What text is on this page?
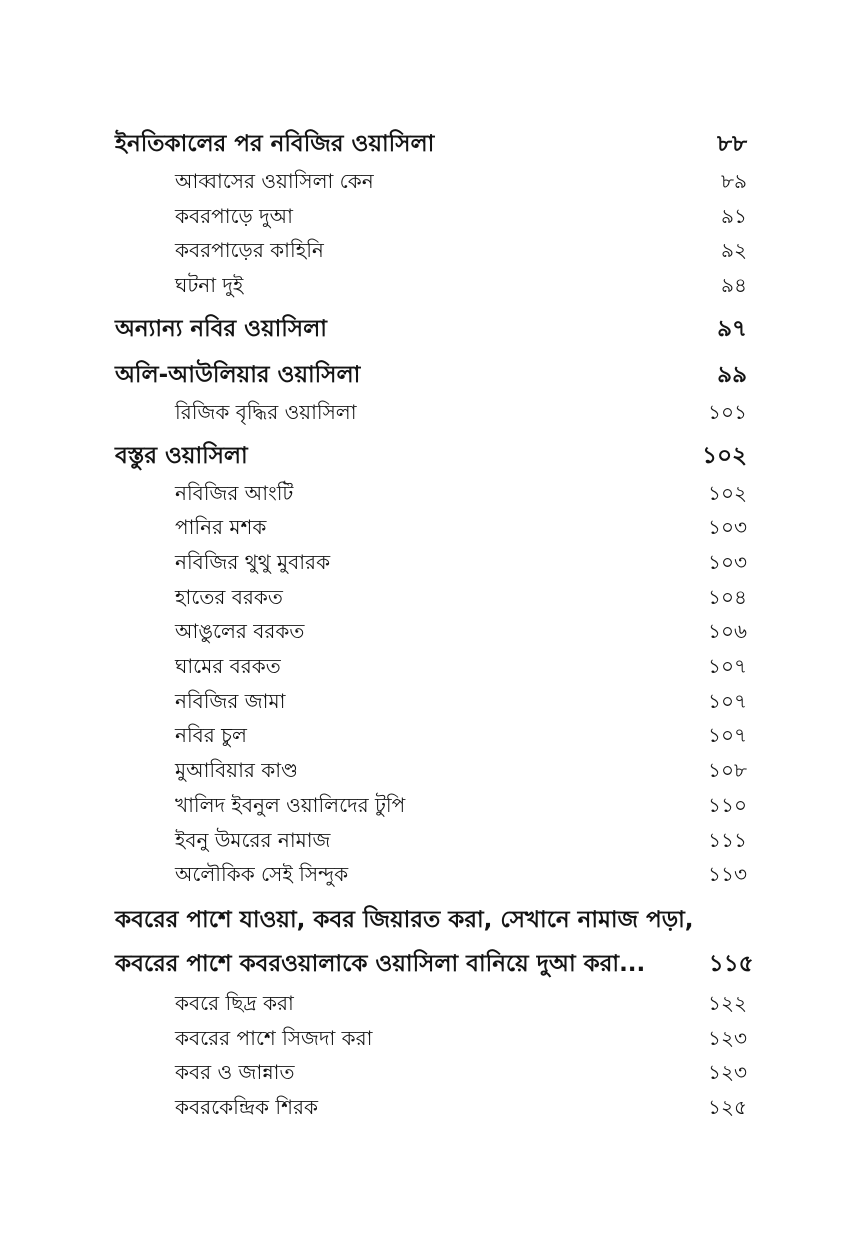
ইনতিকালের পর নবিজির ওয়াসিলা	৮৮
আব্বাসের ওয়াসিলা কেন	৮৯
কবরপাড়ে দুআ	৯১
কবরপাড়ের কাহিনি	৯২
ঘটনা দুই	৯৪
অন্যান্য নবির ওয়াসিলা	৯৭
অলি-আউলিয়ার ওয়াসিলা	৯৯
রিজিক বৃদ্ধির ওয়াসিলা	১০১
বস্তুর ওয়াসিলা	১০২
নবিজির আংটি	১০২
পানির মশক	১০৩
নবিজির থুথু মুবারক	১০৩
হাতের বরকত	১০৪
আঙুলের বরকত	১০৬
ঘামের বরকত	১০৭
নবিজির জামা	১০৭
নবির চুল	১০৭
মুআবিয়ার কাণ্ড	১০৮
খালিদ ইবনুল ওয়ালিদের টুপি	১১০
ইবনু উমরের নামাজ	১১১
অলৌকিক সেই সিন্দুক	১১৩
কবরের পাশে যাওয়া, কবর জিয়ারত করা, সেখানে নামাজ পড়া,
কবরের পাশে কবরওয়ালাকে ওয়াসিলা বানিয়ে দুআ করা...	১১৫
কবরে ছিদ্র করা	১২২
কবরের পাশে সিজদা করা	১২৩
কবর ও জান্নাত	১২৩
কবরকেন্দ্রিক শিরক	১২৫
